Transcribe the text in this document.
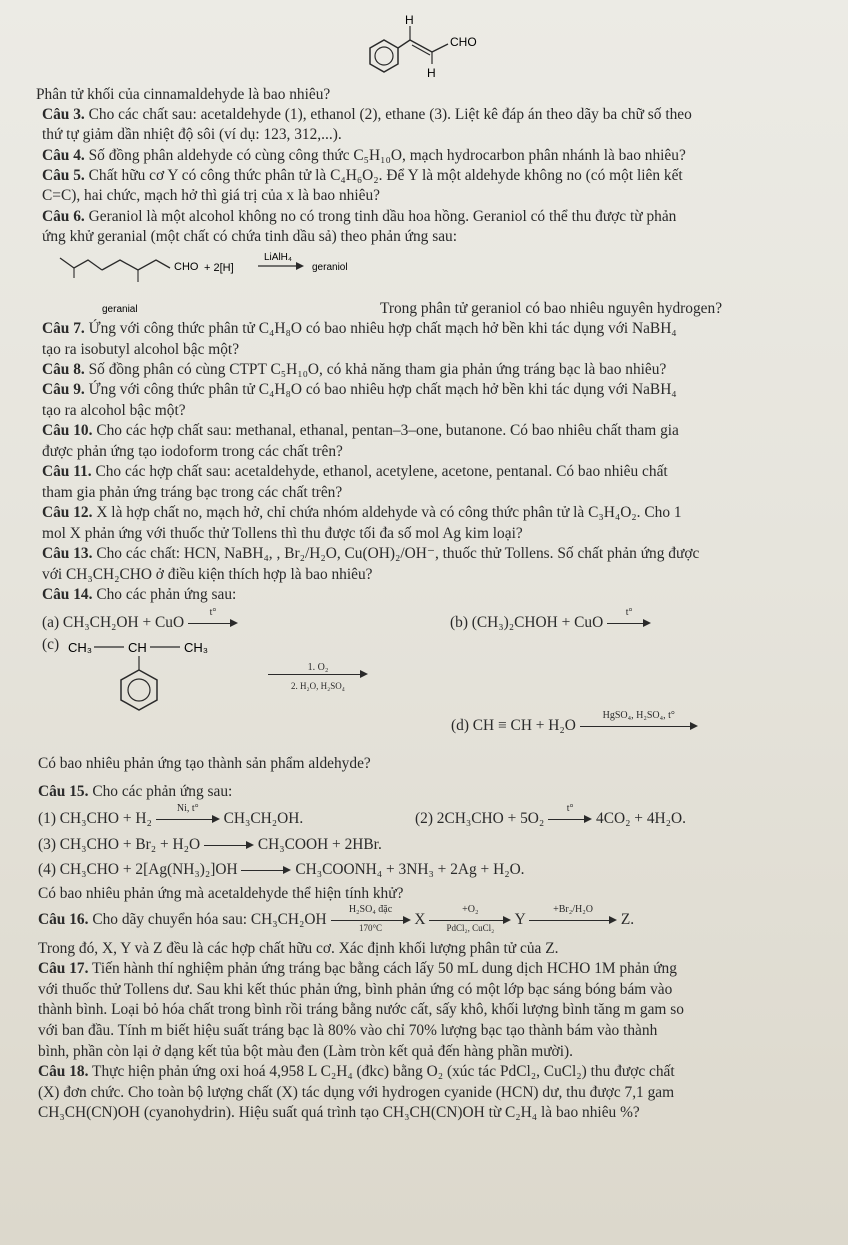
H
CHO
H
Phân tử khối của cinnamaldehyde là bao nhiêu?
Câu 3. Cho các chất sau: acetaldehyde (1), ethanol (2), ethane (3). Liệt kê đáp án theo dãy ba chữ số theo
thứ tự giảm dần nhiệt độ sôi (ví dụ: 123, 312,...).
Câu 4. Số đồng phân aldehyde có cùng công thức C₅H₁₀O, mạch hydrocarbon phân nhánh là bao nhiêu?
Câu 5. Chất hữu cơ Y có công thức phân tử là C₄H₆O₂. Để Y là một aldehyde không no (có một liên kết
C=C), hai chức, mạch hở thì giá trị của x là bao nhiêu?
Câu 6. Geraniol là một alcohol không no có trong tinh dầu hoa hồng. Geraniol có thể thu được từ phản
ứng khử geranial (một chất có chứa tinh dầu sả) theo phản ứng sau:
CHO + 2[H]
LiAlH₄
geraniol
geranial	Trong phân tử geraniol có bao nhiêu nguyên hydrogen?
Câu 7. Ứng với công thức phân tử C₄H₈O có bao nhiêu hợp chất mạch hở bền khi tác dụng với NaBH₄
tạo ra isobutyl alcohol bậc một?
Câu 8. Số đồng phân có cùng CTPT C₅H₁₀O, có khả năng tham gia phản ứng tráng bạc là bao nhiêu?
Câu 9. Ứng với công thức phân tử C₄H₈O có bao nhiêu hợp chất mạch hở bền khi tác dụng với NaBH₄
tạo ra alcohol bậc một?
Câu 10. Cho các hợp chất sau: methanal, ethanal, pentan–3–one, butanone. Có bao nhiêu chất tham gia
được phản ứng tạo iodoform trong các chất trên?
Câu 11. Cho các hợp chất sau: acetaldehyde, ethanol, acetylene, acetone, pentanal. Có bao nhiêu chất
tham gia phản ứng tráng bạc trong các chất trên?
Câu 12. X là hợp chất no, mạch hở, chỉ chứa nhóm aldehyde và có công thức phân tử là C₃H₄O₂. Cho 1
mol X phản ứng với thuốc thử Tollens thì thu được tối đa số mol Ag kim loại?
Câu 13. Cho các chất: HCN, NaBH₄, , Br₂/H₂O, Cu(OH)₂/OH⁻, thuốc thử Tollens. Số chất phản ứng được
với CH₃CH₂CHO ở điều kiện thích hợp là bao nhiêu?
Câu 14. Cho các phản ứng sau:
(a) CH₃CH₂OH + CuO
t°
(b) (CH₃)₂CHOH + CuO
t°
(c) CH₃	CH	CH₃
$\frac{\text{1. O₂}}{\text{2. H₂O, H₂SO₄}}$
(d) CH ≡ CH + H₂O
HgSO₄, H₂SO₄, t°
Có bao nhiêu phản ứng tạo thành sản phẩm aldehyde?
Câu 15. Cho các phản ứng sau:
(1) CH₃CHO + H₂
Ni, t°
CH₃CH₂OH.	(2) 2CH₃CHO + 5O₂
t°
4CO₂ + 4H₂O.
(3) CH₃CHO + Br₂ + H₂O	CH₃COOH + 2HBr.
(4) CH₃CHO + 2[Ag(NH₃)₂]OH	CH₃COONH₄ + 3NH₃ + 2Ag + H₂O.
Có bao nhiêu phản ứng mà acetaldehyde thể hiện tính khử?
Câu 16. Cho dãy chuyển hóa sau: CH₃CH₂OH
H₂SO₄ đặc
170°C
X
+O₂
PdCl₂, CuCl₂
Y
+Br₂/H₂O
Z.
Trong đó, X, Y và Z đều là các hợp chất hữu cơ. Xác định khối lượng phân tử của Z.
Câu 17. Tiến hành thí nghiệm phản ứng tráng bạc bằng cách lấy 50 mL dung dịch HCHO 1M phản ứng
với thuốc thử Tollens dư. Sau khi kết thúc phản ứng, bình phản ứng có một lớp bạc sáng bóng bám vào
thành bình. Loại bỏ hóa chất trong bình rồi tráng bằng nước cất, sấy khô, khối lượng bình tăng m gam so
với ban đầu. Tính m biết hiệu suất tráng bạc là 80% vào chỉ 70% lượng bạc tạo thành bám vào thành
bình, phần còn lại ở dạng kết tủa bột màu đen (Làm tròn kết quả đến hàng phần mười).
Câu 18. Thực hiện phản ứng oxi hoá 4,958 L C₂H₄ (đkc) bằng O₂ (xúc tác PdCl₂, CuCl₂) thu được chất
(X) đơn chức. Cho toàn bộ lượng chất (X) tác dụng với hydrogen cyanide (HCN) dư, thu được 7,1 gam
CH₃CH(CN)OH (cyanohydrin). Hiệu suất quá trình tạo CH₃CH(CN)OH từ C₂H₄ là bao nhiêu %?
